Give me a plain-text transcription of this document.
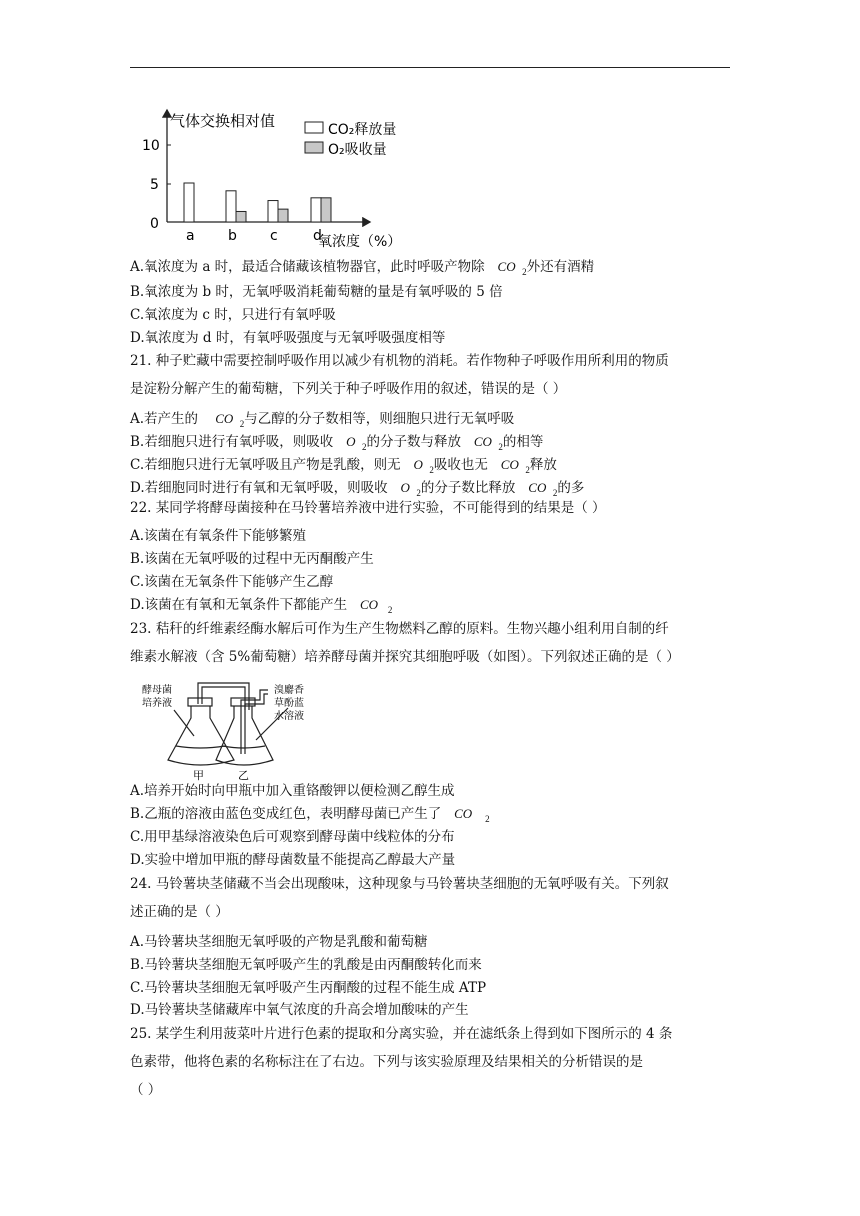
气体交换相对值
氧浓度（%）
0
5
10
CO₂释放量
O₂吸收量
a b c	d
A.氧浓度为 a 时，最适合储藏该植物器官，此时呼吸产物除 CO $_2$外还有酒精
B.氧浓度为 b 时，无氧呼吸消耗葡萄糖的量是有氧呼吸的 5 倍
C.氧浓度为 c 时，只进行有氧呼吸
D.氧浓度为 d 时，有氧呼吸强度与无氧呼吸强度相等
21. 种子贮藏中需要控制呼吸作用以减少有机物的消耗。若作物种子呼吸作用所利用的物质
是淀粉分解产生的葡萄糖，下列关于种子呼吸作用的叙述，错误的是（ ）
A.若产生的 CO $_2$与乙醇的分子数相等，则细胞只进行无氧呼吸
B.若细胞只进行有氧呼吸，则吸收 O $_2$的分子数与释放 CO $_2$的相等
C.若细胞只进行无氧呼吸且产物是乳酸，则无 O $_2$吸收也无 CO $_2$释放
D.若细胞同时进行有氧和无氧呼吸，则吸收 O $_2$的分子数比释放 CO $_2$的多
22. 某同学将酵母菌接种在马铃薯培养液中进行实验，不可能得到的结果是（ ）
A.该菌在有氧条件下能够繁殖
B.该菌在无氧呼吸的过程中无丙酮酸产生
C.该菌在无氧条件下能够产生乙醇
D.该菌在有氧和无氧条件下都能产生 CO $_2$
23. 秸秆的纤维素经酶水解后可作为生产生物燃料乙醇的原料。生物兴趣小组利用自制的纤
维素水解液（含 5%葡萄糖）培养酵母菌并探究其细胞呼吸（如图）。下列叙述正确的是（ ）
酵母菌
培养液
溴麝香
草酚蓝
水溶液
甲	乙
A.培养开始时向甲瓶中加入重铬酸钾以便检测乙醇生成
B.乙瓶的溶液由蓝色变成红色，表明酵母菌已产生了 CO $_2$
C.用甲基绿溶液染色后可观察到酵母菌中线粒体的分布
D.实验中增加甲瓶的酵母菌数量不能提高乙醇最大产量
24. 马铃薯块茎储藏不当会出现酸味，这种现象与马铃薯块茎细胞的无氧呼吸有关。下列叙
述正确的是（ ）
A.马铃薯块茎细胞无氧呼吸的产物是乳酸和葡萄糖
B.马铃薯块茎细胞无氧呼吸产生的乳酸是由丙酮酸转化而来
C.马铃薯块茎细胞无氧呼吸产生丙酮酸的过程不能生成 ATP
D.马铃薯块茎储藏库中氧气浓度的升高会增加酸味的产生
25. 某学生利用菠菜叶片进行色素的提取和分离实验，并在滤纸条上得到如下图所示的 4 条
色素带，他将色素的名称标注在了右边。下列与该实验原理及结果相关的分析错误的是
（ ）
